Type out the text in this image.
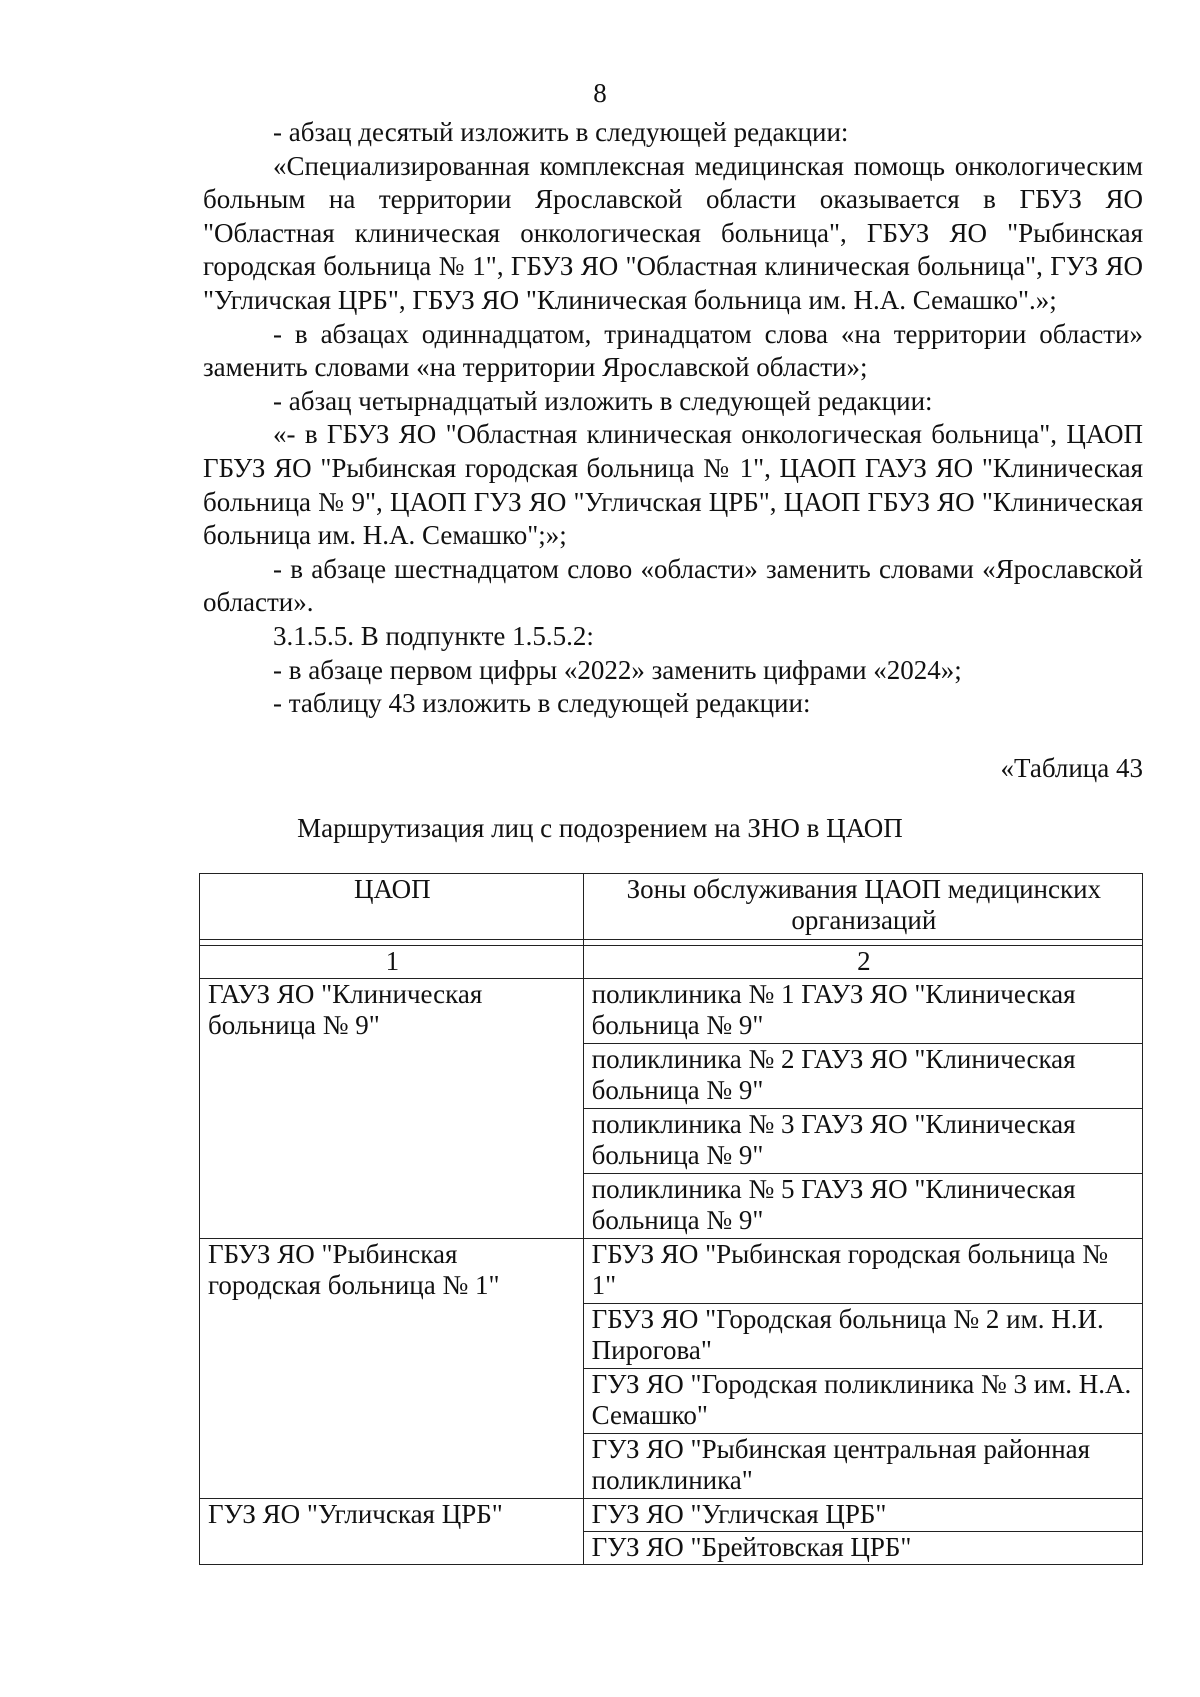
8

- абзац десятый изложить в следующей редакции:

«Специализированная комплексная медицинская помощь онкологическим больным на территории Ярославской области оказывается в ГБУЗ ЯО "Областная клиническая онкологическая больница", ГБУЗ ЯО "Рыбинская городская больница № 1", ГБУЗ ЯО "Областная клиническая больница", ГУЗ ЯО "Угличская ЦРБ", ГБУЗ ЯО "Клиническая больница им. Н.А. Семашко".»;

- в абзацах одиннадцатом, тринадцатом слова «на территории области» заменить словами «на территории Ярославской области»;

- абзац четырнадцатый изложить в следующей редакции:

«- в ГБУЗ ЯО "Областная клиническая онкологическая больница", ЦАОП ГБУЗ ЯО "Рыбинская городская больница № 1", ЦАОП ГАУЗ ЯО "Клиническая больница № 9", ЦАОП ГУЗ ЯО "Угличская ЦРБ", ЦАОП ГБУЗ ЯО "Клиническая больница им. Н.А. Семашко";»;

- в абзаце шестнадцатом слово «области» заменить словами «Ярославской области».

3.1.5.5. В подпункте 1.5.5.2:

- в абзаце первом цифры «2022» заменить цифрами «2024»;

- таблицу 43 изложить в следующей редакции:

«Таблица 43
Маршрутизация лиц с подозрением на ЗНО в ЦАОП
ЦАОП	Зоны обслуживания ЦАОП медицинских организаций

1	2
ГАУЗ ЯО "Клиническая больница № 9"	поликлиника № 1 ГАУЗ ЯО "Клиническая больница № 9"
	поликлиника № 2 ГАУЗ ЯО "Клиническая больница № 9"
	поликлиника № 3 ГАУЗ ЯО "Клиническая больница № 9"
	поликлиника № 5 ГАУЗ ЯО "Клиническая больница № 9"
ГБУЗ ЯО "Рыбинская городская больница № 1"	ГБУЗ ЯО "Рыбинская городская больница № 1"
	ГБУЗ ЯО "Городская больница № 2 им. Н.И. Пирогова"
	ГУЗ ЯО "Городская поликлиника № 3 им. Н.А. Семашко"
	ГУЗ ЯО "Рыбинская центральная районная поликлиника"
ГУЗ ЯО "Угличская ЦРБ"	ГУЗ ЯО "Угличская ЦРБ"
	ГУЗ ЯО "Брейтовская ЦРБ"
